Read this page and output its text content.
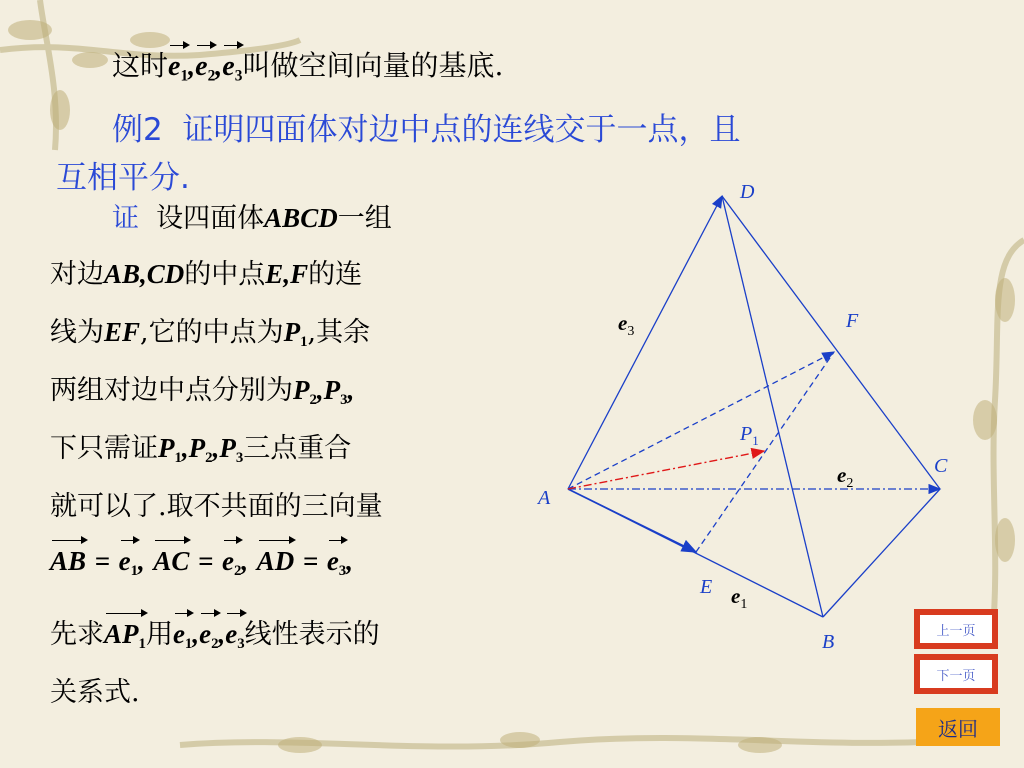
这时$e_1,e_2,e_3$叫做空间向量的基底.
例2 证明四面体对边中点的连线交于一点，且
互相平分.
证 设四面体ABCD一组
对边AB,CD的中点E,F的连
线为EF,它的中点为$P_1$,其余
两组对边中点分别为$P_2,P_3$,
下只需证$P_1,P_2,P_3$三点重合
就可以了.取不共面的三向量
AB = $e_1$, AC = $e_2$, AD = $e_3$,
先求$AP_1$用$e_1,e_2,e_3$线性表示的
关系式.
D
F
C
A
E
B
$P_1$
$e_3$
$e_2$
$e_1$
上一页
下一页
返回
